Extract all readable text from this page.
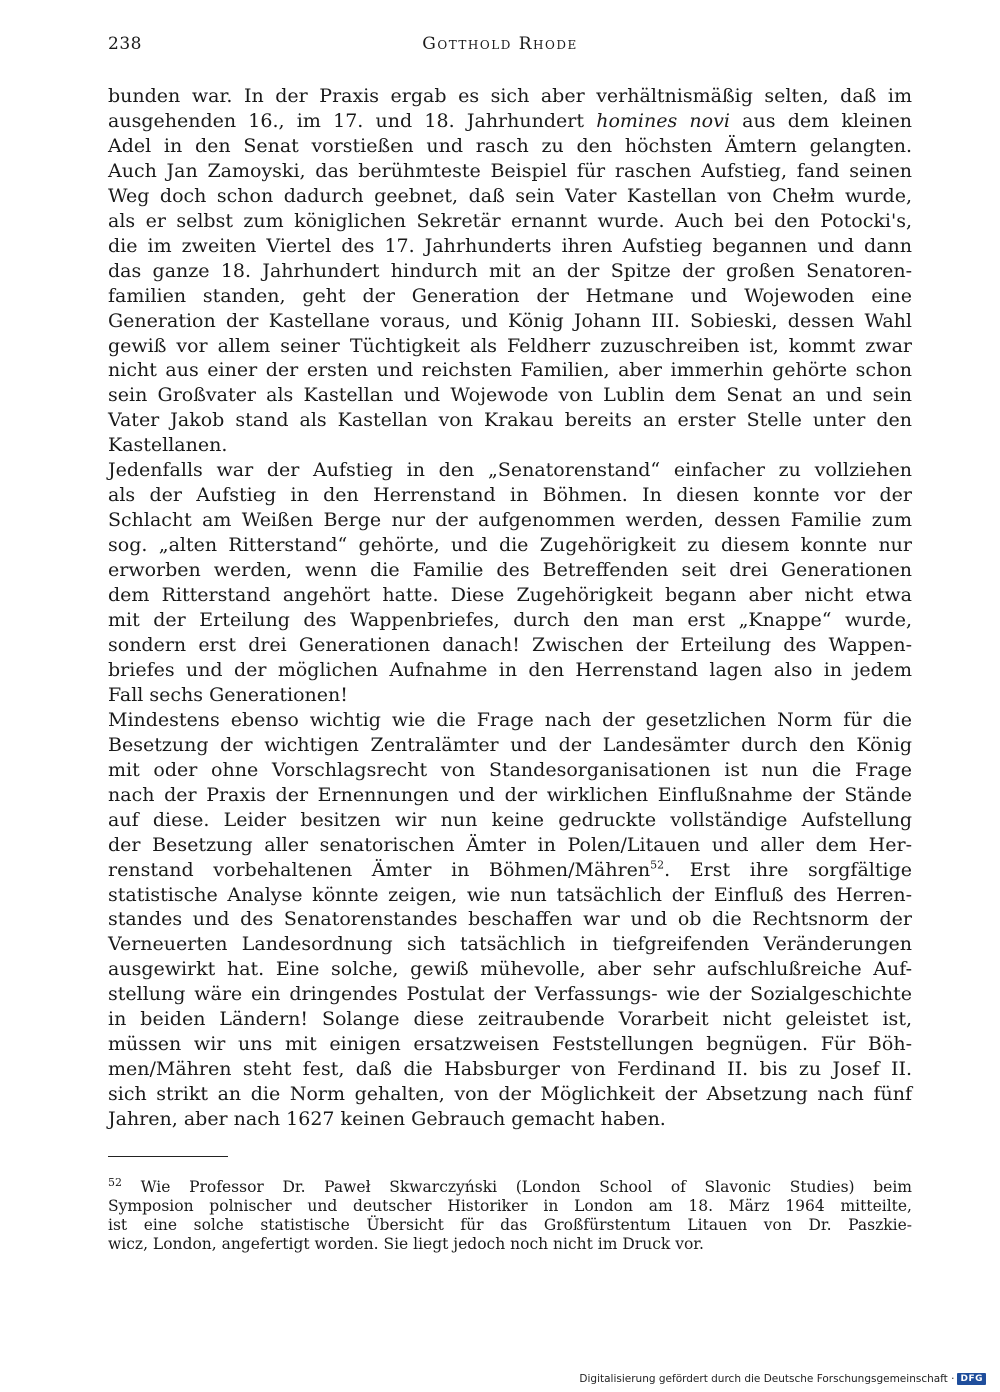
238	Gotthold Rhode
bunden war. In der Praxis ergab es sich aber verhältnismäßig selten, daß im
ausgehenden 16., im 17. und 18. Jahrhundert homines novi aus dem kleinen
Adel in den Senat vorstießen und rasch zu den höchsten Ämtern gelangten.
Auch Jan Zamoyski, das berühmteste Beispiel für raschen Aufstieg, fand seinen
Weg doch schon dadurch geebnet, daß sein Vater Kastellan von Chełm wurde,
als er selbst zum königlichen Sekretär ernannt wurde. Auch bei den Potocki's,
die im zweiten Viertel des 17. Jahrhunderts ihren Aufstieg begannen und dann
das ganze 18. Jahrhundert hindurch mit an der Spitze der großen Senatoren-
familien standen, geht der Generation der Hetmane und Wojewoden eine
Generation der Kastellane voraus, und König Johann III. Sobieski, dessen Wahl
gewiß vor allem seiner Tüchtigkeit als Feldherr zuzuschreiben ist, kommt zwar
nicht aus einer der ersten und reichsten Familien, aber immerhin gehörte schon
sein Großvater als Kastellan und Wojewode von Lublin dem Senat an und sein
Vater Jakob stand als Kastellan von Krakau bereits an erster Stelle unter den
Kastellanen.
Jedenfalls war der Aufstieg in den „Senatorenstand“ einfacher zu vollziehen
als der Aufstieg in den Herrenstand in Böhmen. In diesen konnte vor der
Schlacht am Weißen Berge nur der aufgenommen werden, dessen Familie zum
sog. „alten Ritterstand“ gehörte, und die Zugehörigkeit zu diesem konnte nur
erworben werden, wenn die Familie des Betreffenden seit drei Generationen
dem Ritterstand angehört hatte. Diese Zugehörigkeit begann aber nicht etwa
mit der Erteilung des Wappenbriefes, durch den man erst „Knappe“ wurde,
sondern erst drei Generationen danach! Zwischen der Erteilung des Wappen-
briefes und der möglichen Aufnahme in den Herrenstand lagen also in jedem
Fall sechs Generationen!
Mindestens ebenso wichtig wie die Frage nach der gesetzlichen Norm für die
Besetzung der wichtigen Zentralämter und der Landesämter durch den König
mit oder ohne Vorschlagsrecht von Standesorganisationen ist nun die Frage
nach der Praxis der Ernennungen und der wirklichen Einflußnahme der Stände
auf diese. Leider besitzen wir nun keine gedruckte vollständige Aufstellung
der Besetzung aller senatorischen Ämter in Polen/Litauen und aller dem Her-
renstand vorbehaltenen Ämter in Böhmen/Mähren$^{52}$. Erst ihre sorgfältige
statistische Analyse könnte zeigen, wie nun tatsächlich der Einfluß des Herren-
standes und des Senatorenstandes beschaffen war und ob die Rechtsnorm der
Verneuerten Landesordnung sich tatsächlich in tiefgreifenden Veränderungen
ausgewirkt hat. Eine solche, gewiß mühevolle, aber sehr aufschlußreiche Auf-
stellung wäre ein dringendes Postulat der Verfassungs- wie der Sozialgeschichte
in beiden Ländern! Solange diese zeitraubende Vorarbeit nicht geleistet ist,
müssen wir uns mit einigen ersatzweisen Feststellungen begnügen. Für Böh-
men/Mähren steht fest, daß die Habsburger von Ferdinand II. bis zu Josef II.
sich strikt an die Norm gehalten, von der Möglichkeit der Absetzung nach fünf
Jahren, aber nach 1627 keinen Gebrauch gemacht haben.
$^{52}$ Wie Professor Dr. Paweł Skwarczyński (London School of Slavonic Studies) beim
Symposion polnischer und deutscher Historiker in London am 18. März 1964 mitteilte,
ist eine solche statistische Übersicht für das Großfürstentum Litauen von Dr. Paszkie-
wicz, London, angefertigt worden. Sie liegt jedoch noch nicht im Druck vor.
Digitalisierung gefördert durch die Deutsche Forschungsgemeinschaft · DFG
